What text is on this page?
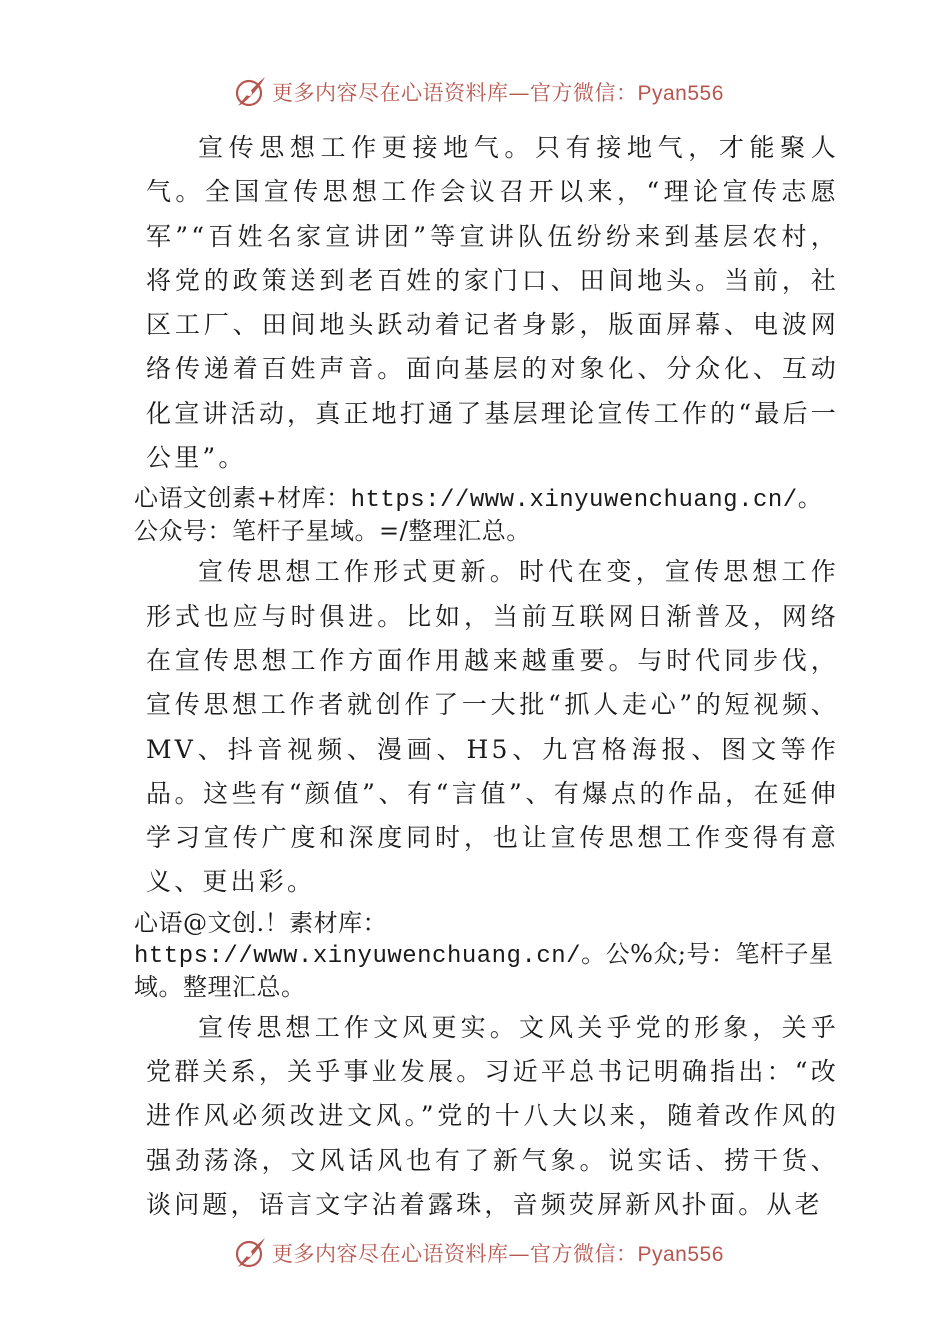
更多内容尽在心语资料库—官方微信：Pyan556

宣传思想工作更接地气。只有接地气，才能聚人气。全国宣传思想工作会议召开以来，“理论宣传志愿军”“百姓名家宣讲团”等宣讲队伍纷纷来到基层农村，将党的政策送到老百姓的家门口、田间地头。当前，社区工厂、田间地头跃动着记者身影，版面屏幕、电波网络传递着百姓声音。面向基层的对象化、分众化、互动化宣讲活动，真正地打通了基层理论宣传工作的“最后一公里”。

心语文创素+材库：https://www.xinyuwenchuang.cn/。公众号：笔杆子星域。=/整理汇总。

宣传思想工作形式更新。时代在变，宣传思想工作形式也应与时俱进。比如，当前互联网日渐普及，网络在宣传思想工作方面作用越来越重要。与时代同步伐，宣传思想工作者就创作了一大批“抓人走心”的短视频、MV、抖音视频、漫画、H5、九宫格海报、图文等作品。这些有“颜值”、有“言值”、有爆点的作品，在延伸学习宣传广度和深度同时，也让宣传思想工作变得有意义、更出彩。

心语@文创.！素材库：https://www.xinyuwenchuang.cn/。公%众;号：笔杆子星域。整理汇总。

宣传思想工作文风更实。文风关乎党的形象，关乎党群关系，关乎事业发展。习近平总书记明确指出：“改进作风必须改进文风。”党的十八大以来，随着改作风的强劲荡涤，文风话风也有了新气象。说实话、捞干货、谈问题，语言文字沾着露珠，音频荧屏新风扑面。从老

更多内容尽在心语资料库—官方微信：Pyan556
